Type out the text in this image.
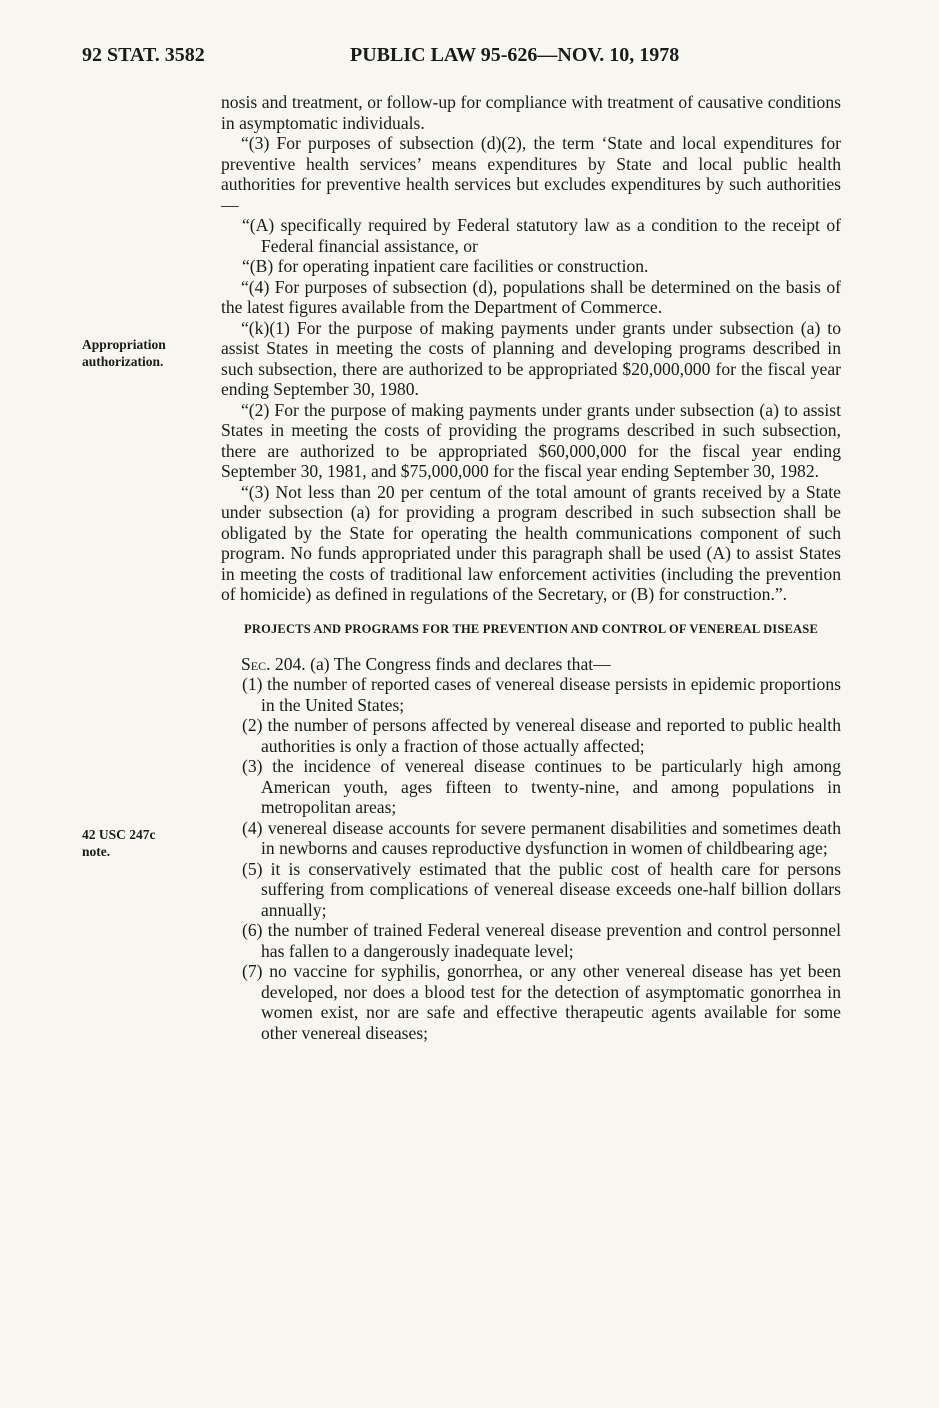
92 STAT. 3582	PUBLIC LAW 95-626—NOV. 10, 1978
Appropriation
authorization.
42 USC 247c
note.

nosis and treatment, or follow-up for compliance with treatment of causative conditions in asymptomatic individuals.

“(3) For purposes of subsection (d)(2), the term ‘State and local expenditures for preventive health services’ means expenditures by State and local public health authorities for preventive health services but excludes expenditures by such authorities—

“(A) specifically required by Federal statutory law as a condition to the receipt of Federal financial assistance, or

“(B) for operating inpatient care facilities or construction.

“(4) For purposes of subsection (d), populations shall be determined on the basis of the latest figures available from the Department of Commerce.

“(k)(1) For the purpose of making payments under grants under subsection (a) to assist States in meeting the costs of planning and developing programs described in such subsection, there are authorized to be appropriated $20,000,000 for the fiscal year ending September 30, 1980.

“(2) For the purpose of making payments under grants under subsection (a) to assist States in meeting the costs of providing the programs described in such subsection, there are authorized to be appropriated $60,000,000 for the fiscal year ending September 30, 1981, and $75,000,000 for the fiscal year ending September 30, 1982.

“(3) Not less than 20 per centum of the total amount of grants received by a State under subsection (a) for providing a program described in such subsection shall be obligated by the State for operating the health communications component of such program. No funds appropriated under this paragraph shall be used (A) to assist States in meeting the costs of traditional law enforcement activities (including the prevention of homicide) as defined in regulations of the Secretary, or (B) for construction.”.

PROJECTS AND PROGRAMS FOR THE PREVENTION AND CONTROL OF VENEREAL DISEASE

Sec. 204. (a) The Congress finds and declares that—

(1) the number of reported cases of venereal disease persists in epidemic proportions in the United States;

(2) the number of persons affected by venereal disease and reported to public health authorities is only a fraction of those actually affected;

(3) the incidence of venereal disease continues to be particularly high among American youth, ages fifteen to twenty-nine, and among populations in metropolitan areas;

(4) venereal disease accounts for severe permanent disabilities and sometimes death in newborns and causes reproductive dysfunction in women of childbearing age;

(5) it is conservatively estimated that the public cost of health care for persons suffering from complications of venereal disease exceeds one-half billion dollars annually;

(6) the number of trained Federal venereal disease prevention and control personnel has fallen to a dangerously inadequate level;

(7) no vaccine for syphilis, gonorrhea, or any other venereal disease has yet been developed, nor does a blood test for the detection of asymptomatic gonorrhea in women exist, nor are safe and effective therapeutic agents available for some other venereal diseases;
